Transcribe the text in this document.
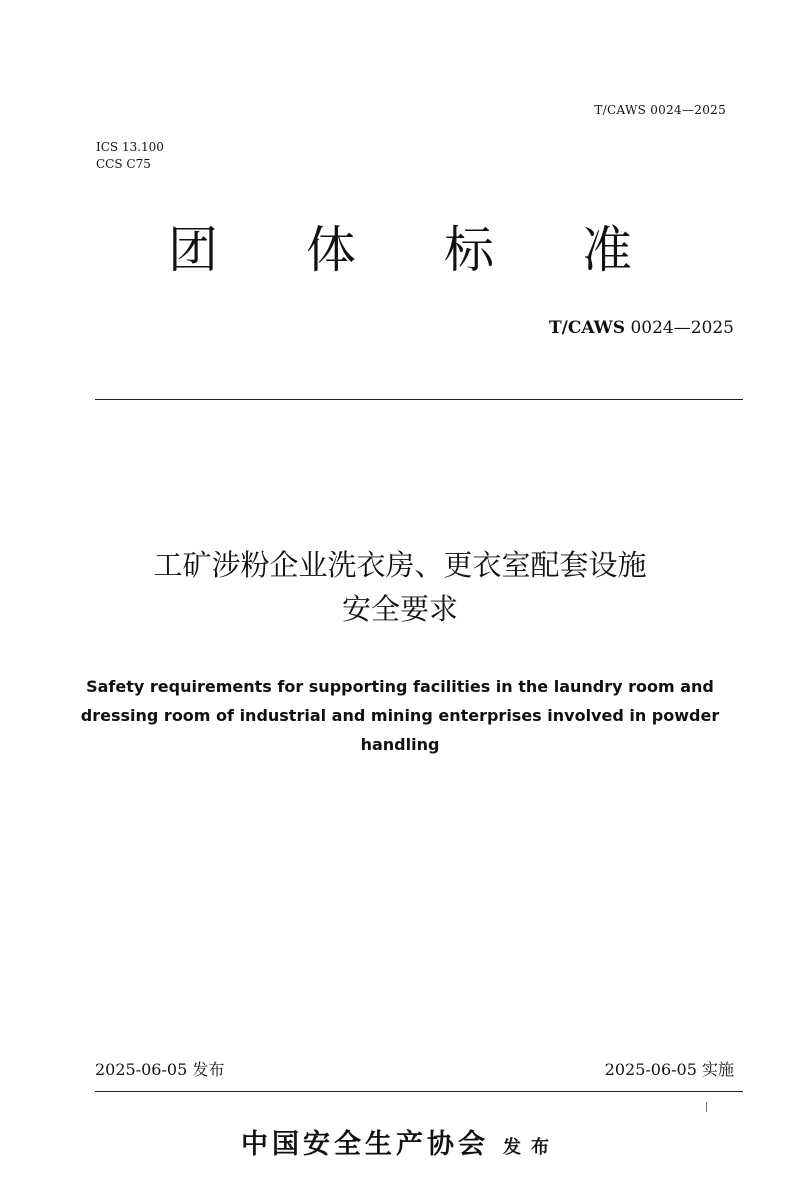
T/CAWS 0024—2025
ICS 13.100
CCS C75
团体标准
T/CAWS 0024—2025
工矿涉粉企业洗衣房、更衣室配套设施
安全要求
Safety requirements for supporting facilities in the laundry room and
dressing room of industrial and mining enterprises involved in powder
handling
2025-06-05 发布	2025-06-05 实施
中国安全生产协会 发布
